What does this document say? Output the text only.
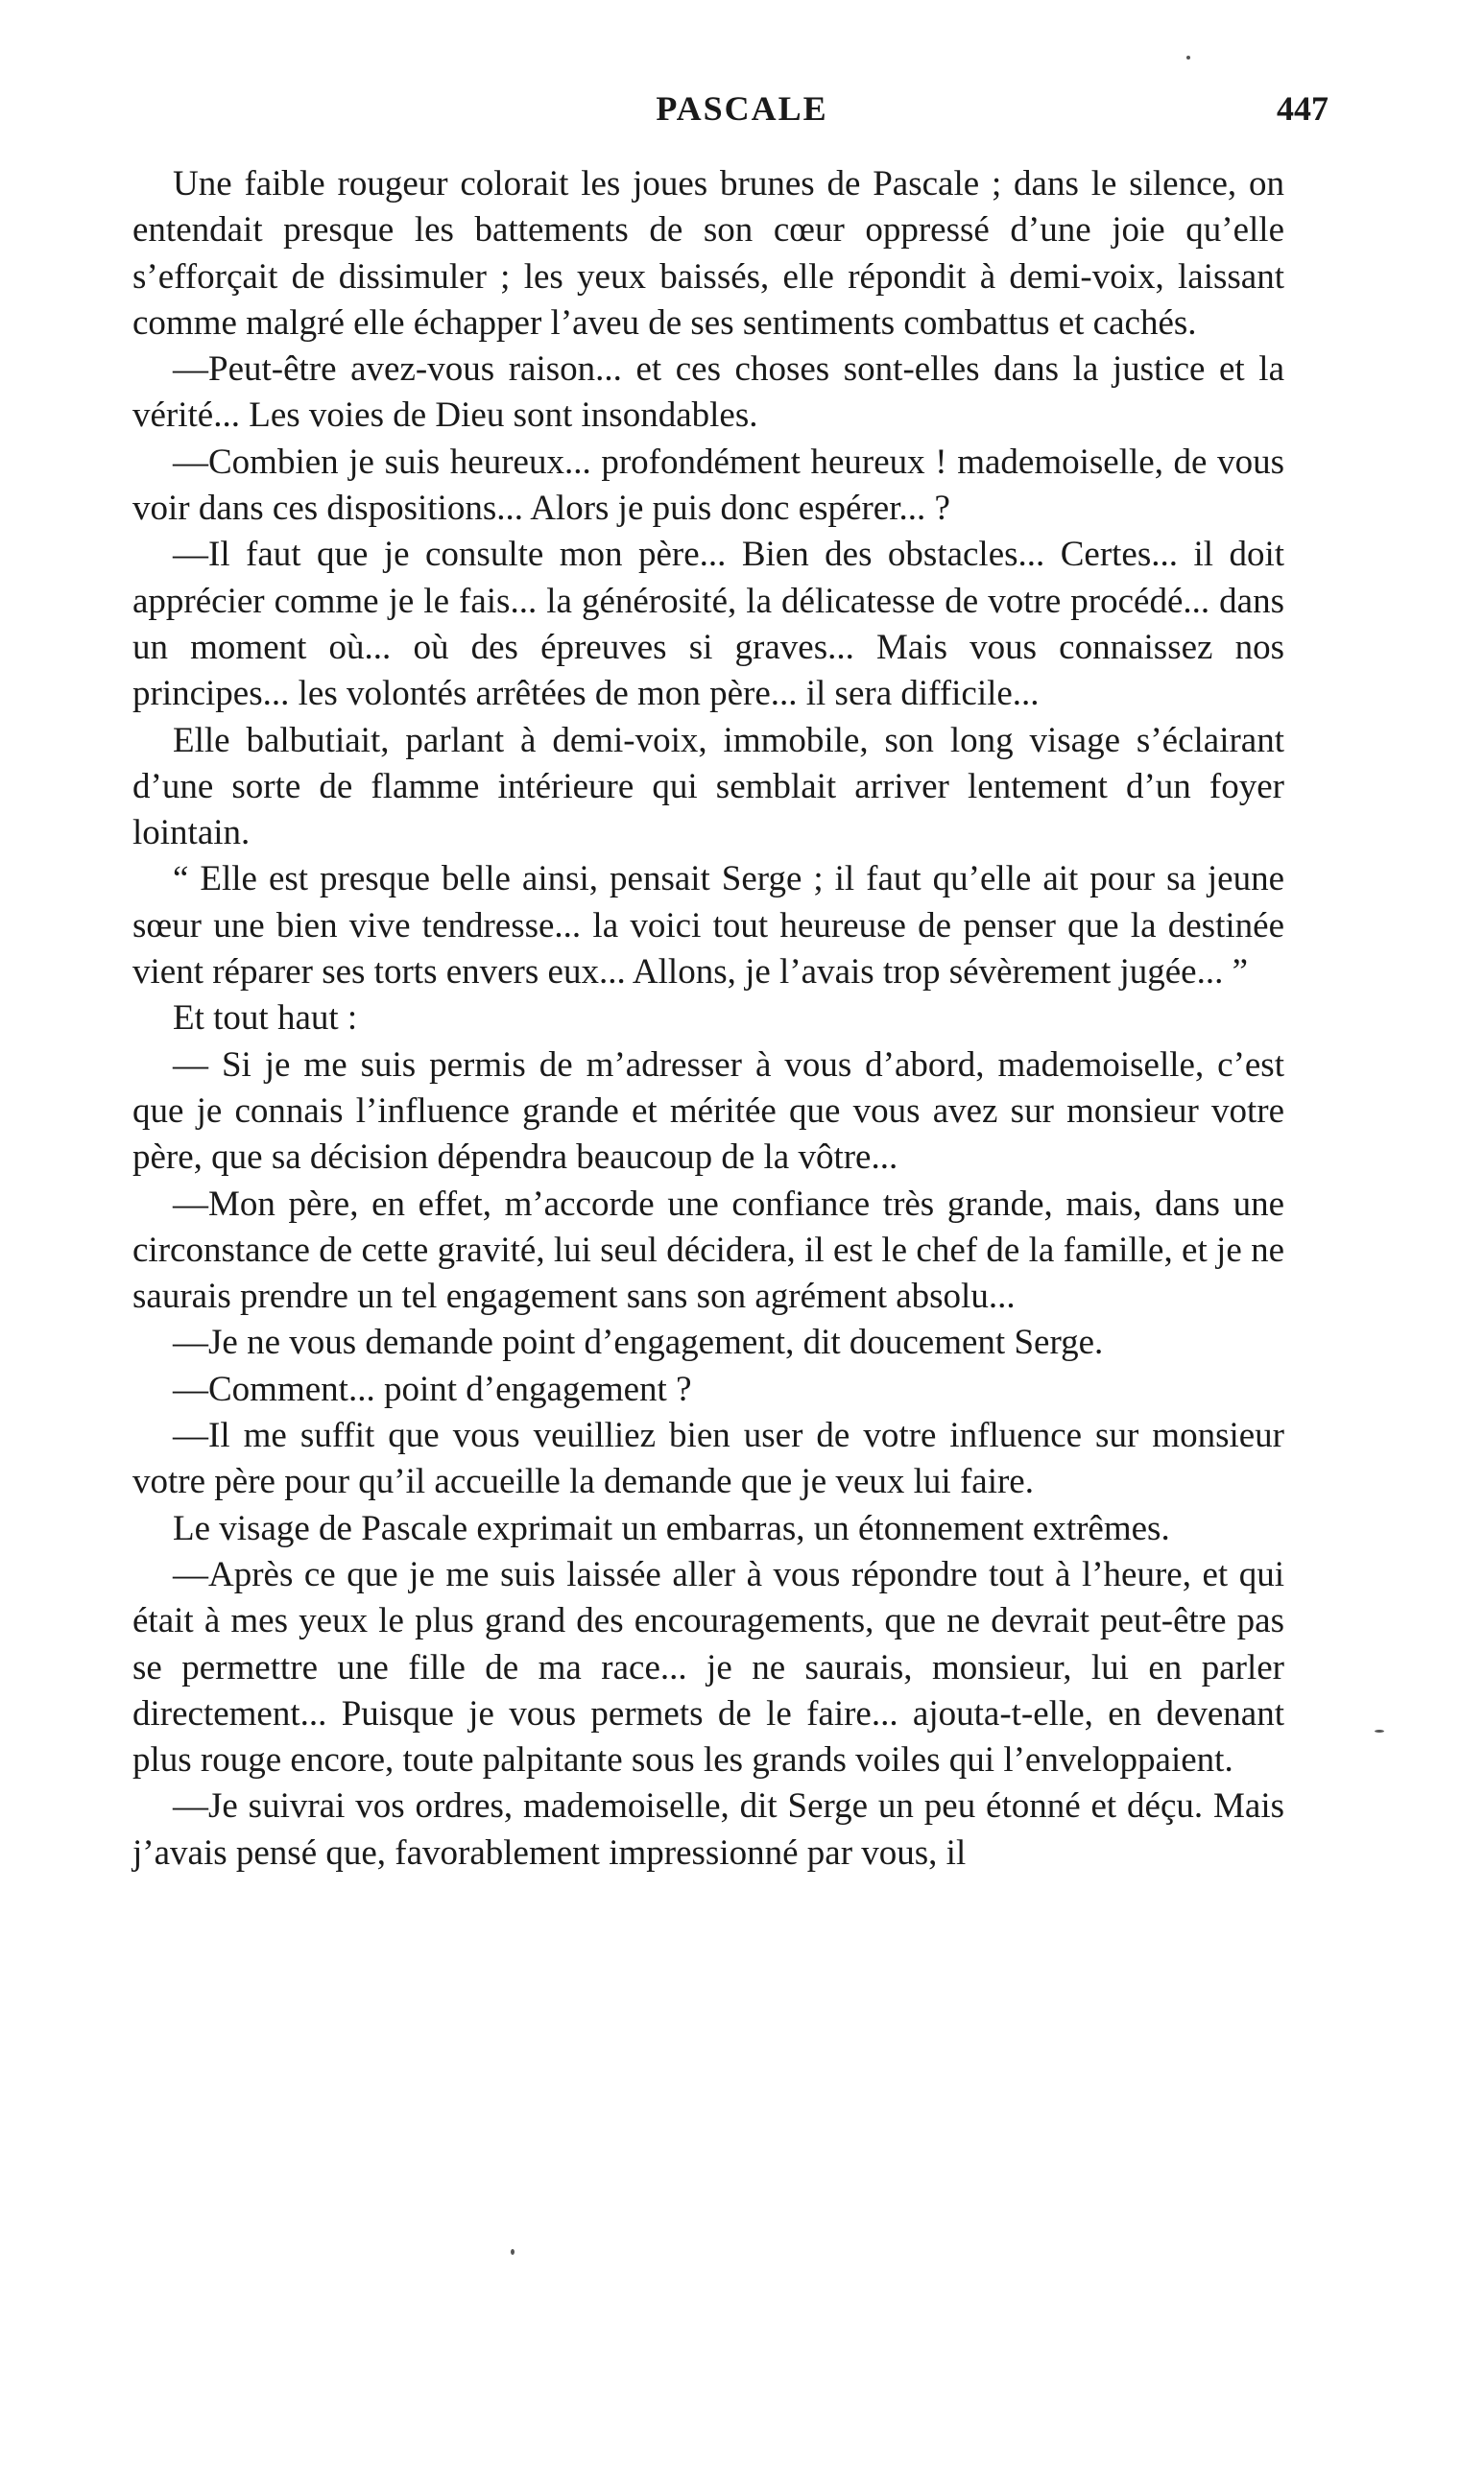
PASCALE	447

Une faible rougeur colorait les joues brunes de Pascale ; dans le silence, on entendait presque les battements de son cœur oppressé d’une joie qu’elle s’efforçait de dissimuler ; les yeux baissés, elle répondit à demi-voix, laissant comme malgré elle échapper l’aveu de ses sentiments combattus et cachés.

—Peut-être avez-vous raison... et ces choses sont-elles dans la justice et la vérité... Les voies de Dieu sont insondables.

—Combien je suis heureux... profondément heureux ! mademoiselle, de vous voir dans ces dispositions... Alors je puis donc espérer... ?

—Il faut que je consulte mon père... Bien des obstacles... Certes... il doit apprécier comme je le fais... la générosité, la délicatesse de votre procédé... dans un moment où... où des épreuves si graves... Mais vous connaissez nos principes... les volontés arrêtées de mon père... il sera difficile...

Elle balbutiait, parlant à demi-voix, immobile, son long visage s’éclairant d’une sorte de flamme intérieure qui semblait arriver lentement d’un foyer lointain.

“ Elle est presque belle ainsi, pensait Serge ; il faut qu’elle ait pour sa jeune sœur une bien vive tendresse... la voici tout heureuse de penser que la destinée vient réparer ses torts envers eux... Allons, je l’avais trop sévèrement jugée... ”

Et tout haut :

— Si je me suis permis de m’adresser à vous d’abord, mademoiselle, c’est que je connais l’influence grande et méritée que vous avez sur monsieur votre père, que sa décision dépendra beaucoup de la vôtre...

—Mon père, en effet, m’accorde une confiance très grande, mais, dans une circonstance de cette gravité, lui seul décidera, il est le chef de la famille, et je ne saurais prendre un tel engagement sans son agrément absolu...

—Je ne vous demande point d’engagement, dit doucement Serge.

—Comment... point d’engagement ?

—Il me suffit que vous veuilliez bien user de votre influence sur monsieur votre père pour qu’il accueille la demande que je veux lui faire.

Le visage de Pascale exprimait un embarras, un étonnement extrêmes.

—Après ce que je me suis laissée aller à vous répondre tout à l’heure, et qui était à mes yeux le plus grand des encouragements, que ne devrait peut-être pas se permettre une fille de ma race... je ne saurais, monsieur, lui en parler directement... Puisque je vous permets de le faire... ajouta-t-elle, en devenant plus rouge encore, toute palpitante sous les grands voiles qui l’enveloppaient.

—Je suivrai vos ordres, mademoiselle, dit Serge un peu étonné et déçu. Mais j’avais pensé que, favorablement impressionné par vous, il
